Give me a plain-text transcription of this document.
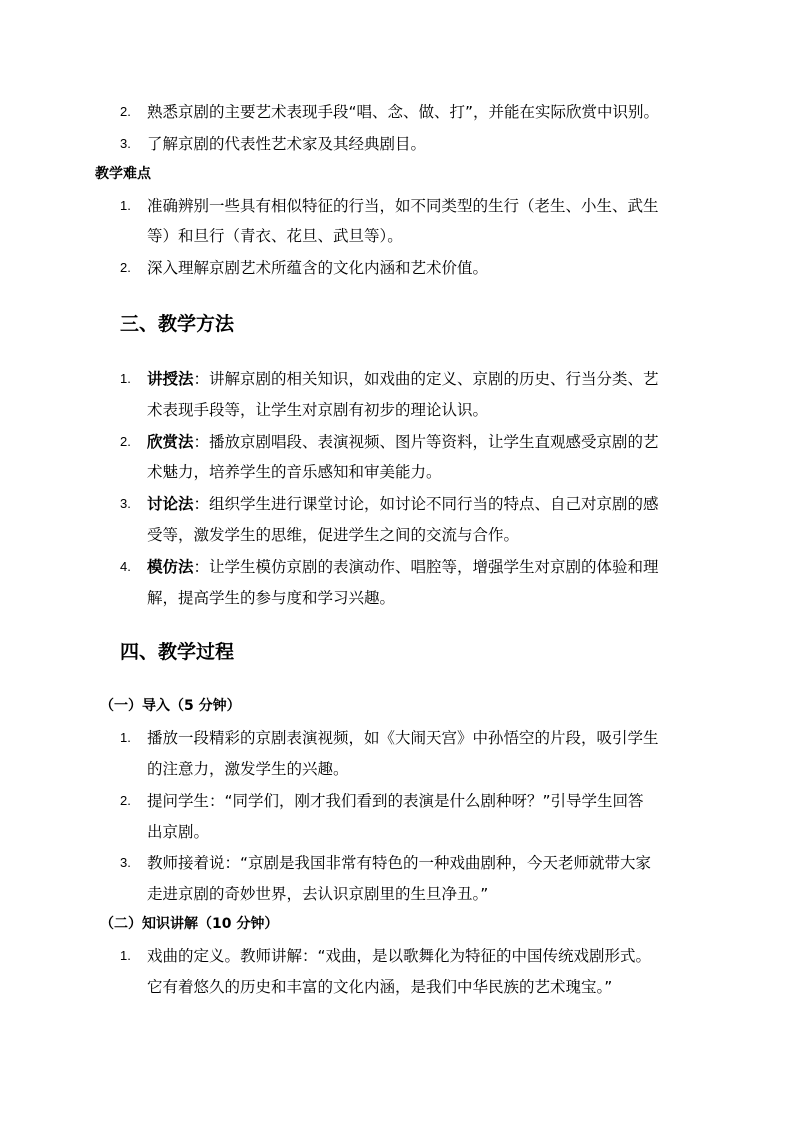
2. 熟悉京剧的主要艺术表现手段“唱、念、做、打”，并能在实际欣赏中识别。
3. 了解京剧的代表性艺术家及其经典剧目。
教学难点
1. 准确辨别一些具有相似特征的行当，如不同类型的生行（老生、小生、武生
等）和旦行（青衣、花旦、武旦等）。
2. 深入理解京剧艺术所蕴含的文化内涵和艺术价值。
三、教学方法
1. 讲授法：讲解京剧的相关知识，如戏曲的定义、京剧的历史、行当分类、艺
术表现手段等，让学生对京剧有初步的理论认识。
2. 欣赏法：播放京剧唱段、表演视频、图片等资料，让学生直观感受京剧的艺
术魅力，培养学生的音乐感知和审美能力。
3. 讨论法：组织学生进行课堂讨论，如讨论不同行当的特点、自己对京剧的感
受等，激发学生的思维，促进学生之间的交流与合作。
4. 模仿法：让学生模仿京剧的表演动作、唱腔等，增强学生对京剧的体验和理
解，提高学生的参与度和学习兴趣。
四、教学过程
（一）导入（5 分钟）
1. 播放一段精彩的京剧表演视频，如《大闹天宫》中孙悟空的片段，吸引学生
的注意力，激发学生的兴趣。
2. 提问学生：“同学们，刚才我们看到的表演是什么剧种呀？”引导学生回答
出京剧。
3. 教师接着说：“京剧是我国非常有特色的一种戏曲剧种，今天老师就带大家
走进京剧的奇妙世界，去认识京剧里的生旦净丑。”
（二）知识讲解（10 分钟）
1. 戏曲的定义。教师讲解：“戏曲，是以歌舞化为特征的中国传统戏剧形式。
它有着悠久的历史和丰富的文化内涵，是我们中华民族的艺术瑰宝。”
